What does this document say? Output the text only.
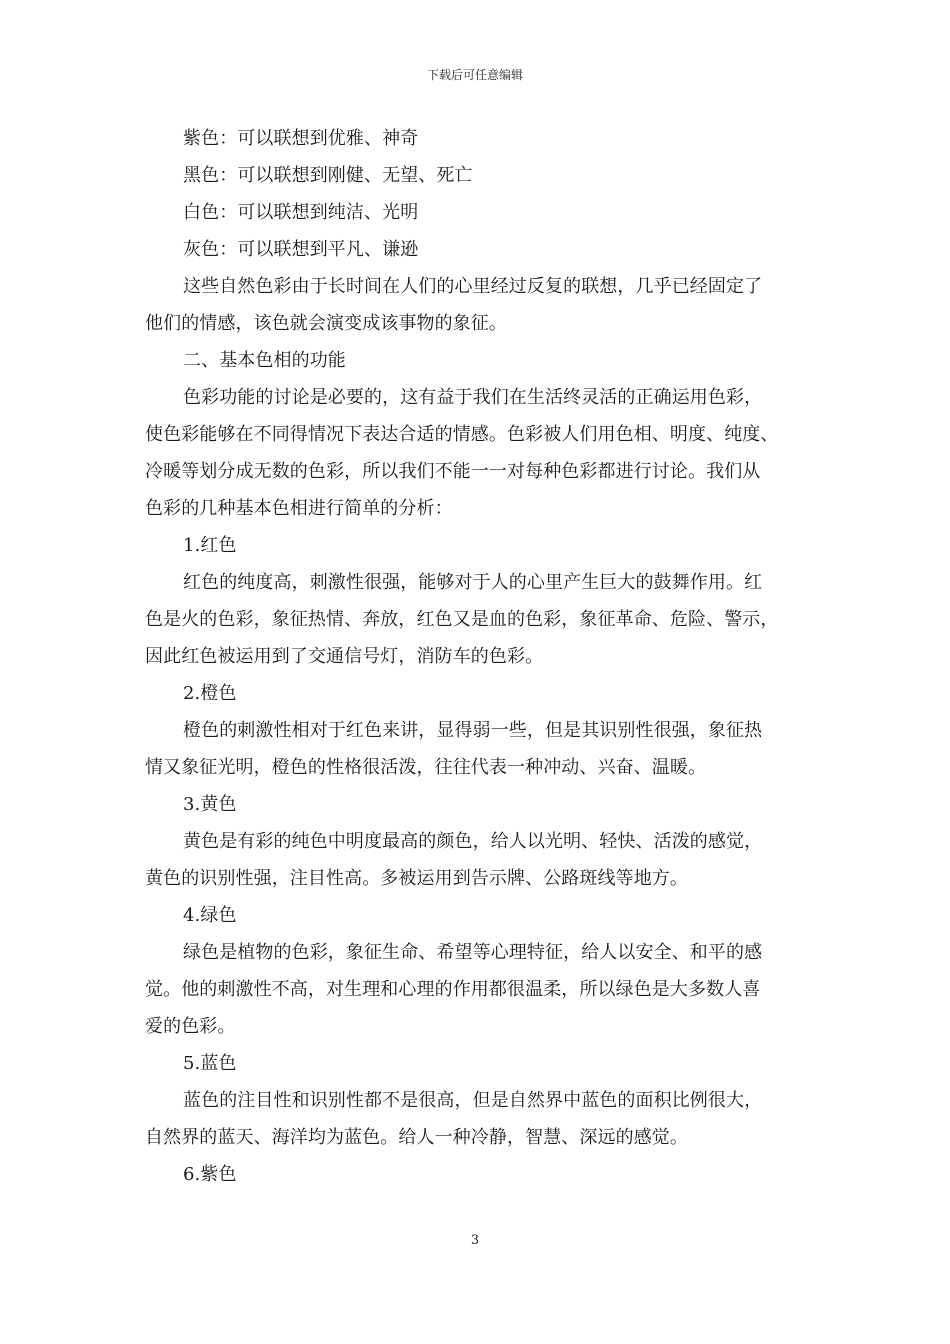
下载后可任意编辑

紫色：可以联想到优雅、神奇

黑色：可以联想到刚健、无望、死亡

白色：可以联想到纯洁、光明

灰色：可以联想到平凡、谦逊

这些自然色彩由于长时间在人们的心里经过反复的联想，几乎已经固定了

他们的情感，该色就会演变成该事物的象征。

二、基本色相的功能

色彩功能的讨论是必要的，这有益于我们在生活终灵活的正确运用色彩，

使色彩能够在不同得情况下表达合适的情感。色彩被人们用色相、明度、纯度、

冷暖等划分成无数的色彩，所以我们不能一一对每种色彩都进行讨论。我们从

色彩的几种基本色相进行简单的分析：

1.红色

红色的纯度高，刺激性很强，能够对于人的心里产生巨大的鼓舞作用。红

色是火的色彩，象征热情、奔放，红色又是血的色彩，象征革命、危险、警示，

因此红色被运用到了交通信号灯，消防车的色彩。

2.橙色

橙色的刺激性相对于红色来讲，显得弱一些，但是其识别性很强，象征热

情又象征光明，橙色的性格很活泼，往往代表一种冲动、兴奋、温暖。

3.黄色

黄色是有彩的纯色中明度最高的颜色，给人以光明、轻快、活泼的感觉，

黄色的识别性强，注目性高。多被运用到告示牌、公路斑线等地方。

4.绿色

绿色是植物的色彩，象征生命、希望等心理特征，给人以安全、和平的感

觉。他的刺激性不高，对生理和心理的作用都很温柔，所以绿色是大多数人喜

爱的色彩。

5.蓝色

蓝色的注目性和识别性都不是很高，但是自然界中蓝色的面积比例很大，

自然界的蓝天、海洋均为蓝色。给人一种冷静，智慧、深远的感觉。

6.紫色

3
